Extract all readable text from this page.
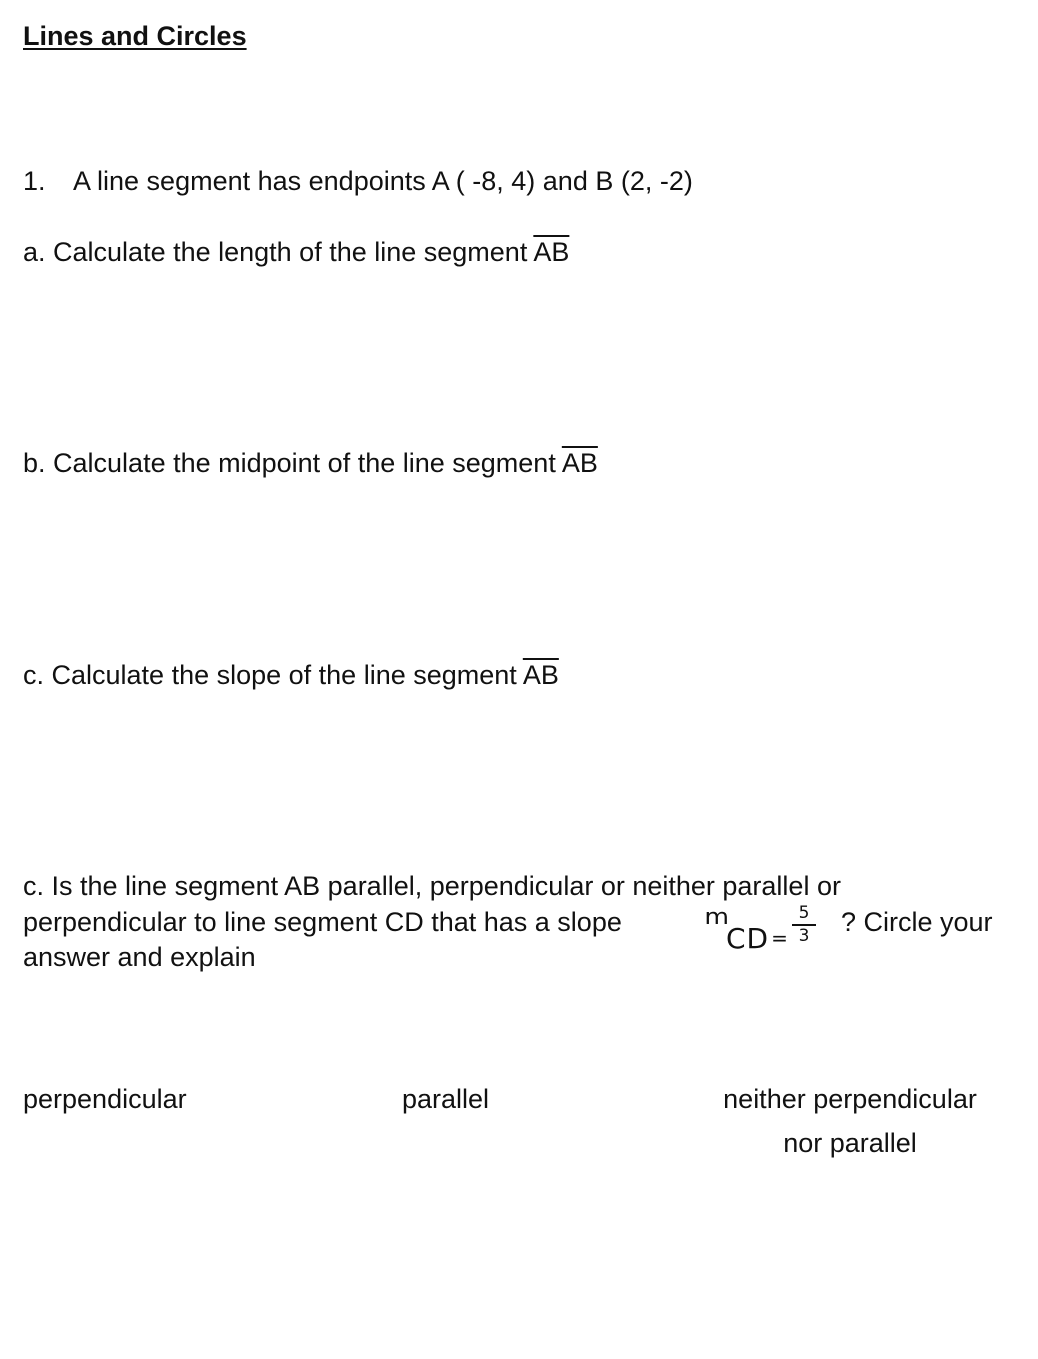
Lines and Circles
1. A line segment has endpoints A ( -8, 4) and B (2, -2)
a. Calculate the length of the line segment $\overline{AB}$
b. Calculate the midpoint of the line segment $\overline{AB}$
c. Calculate the slope of the line segment $\overline{AB}$
c. Is the line segment AB parallel, perpendicular or neither parallel or
perpendicular to line segment CD that has a slope	? Circle your
answer and explain
m
CD =
5
3
perpendicular	parallel	neither perpendicular
nor parallel
